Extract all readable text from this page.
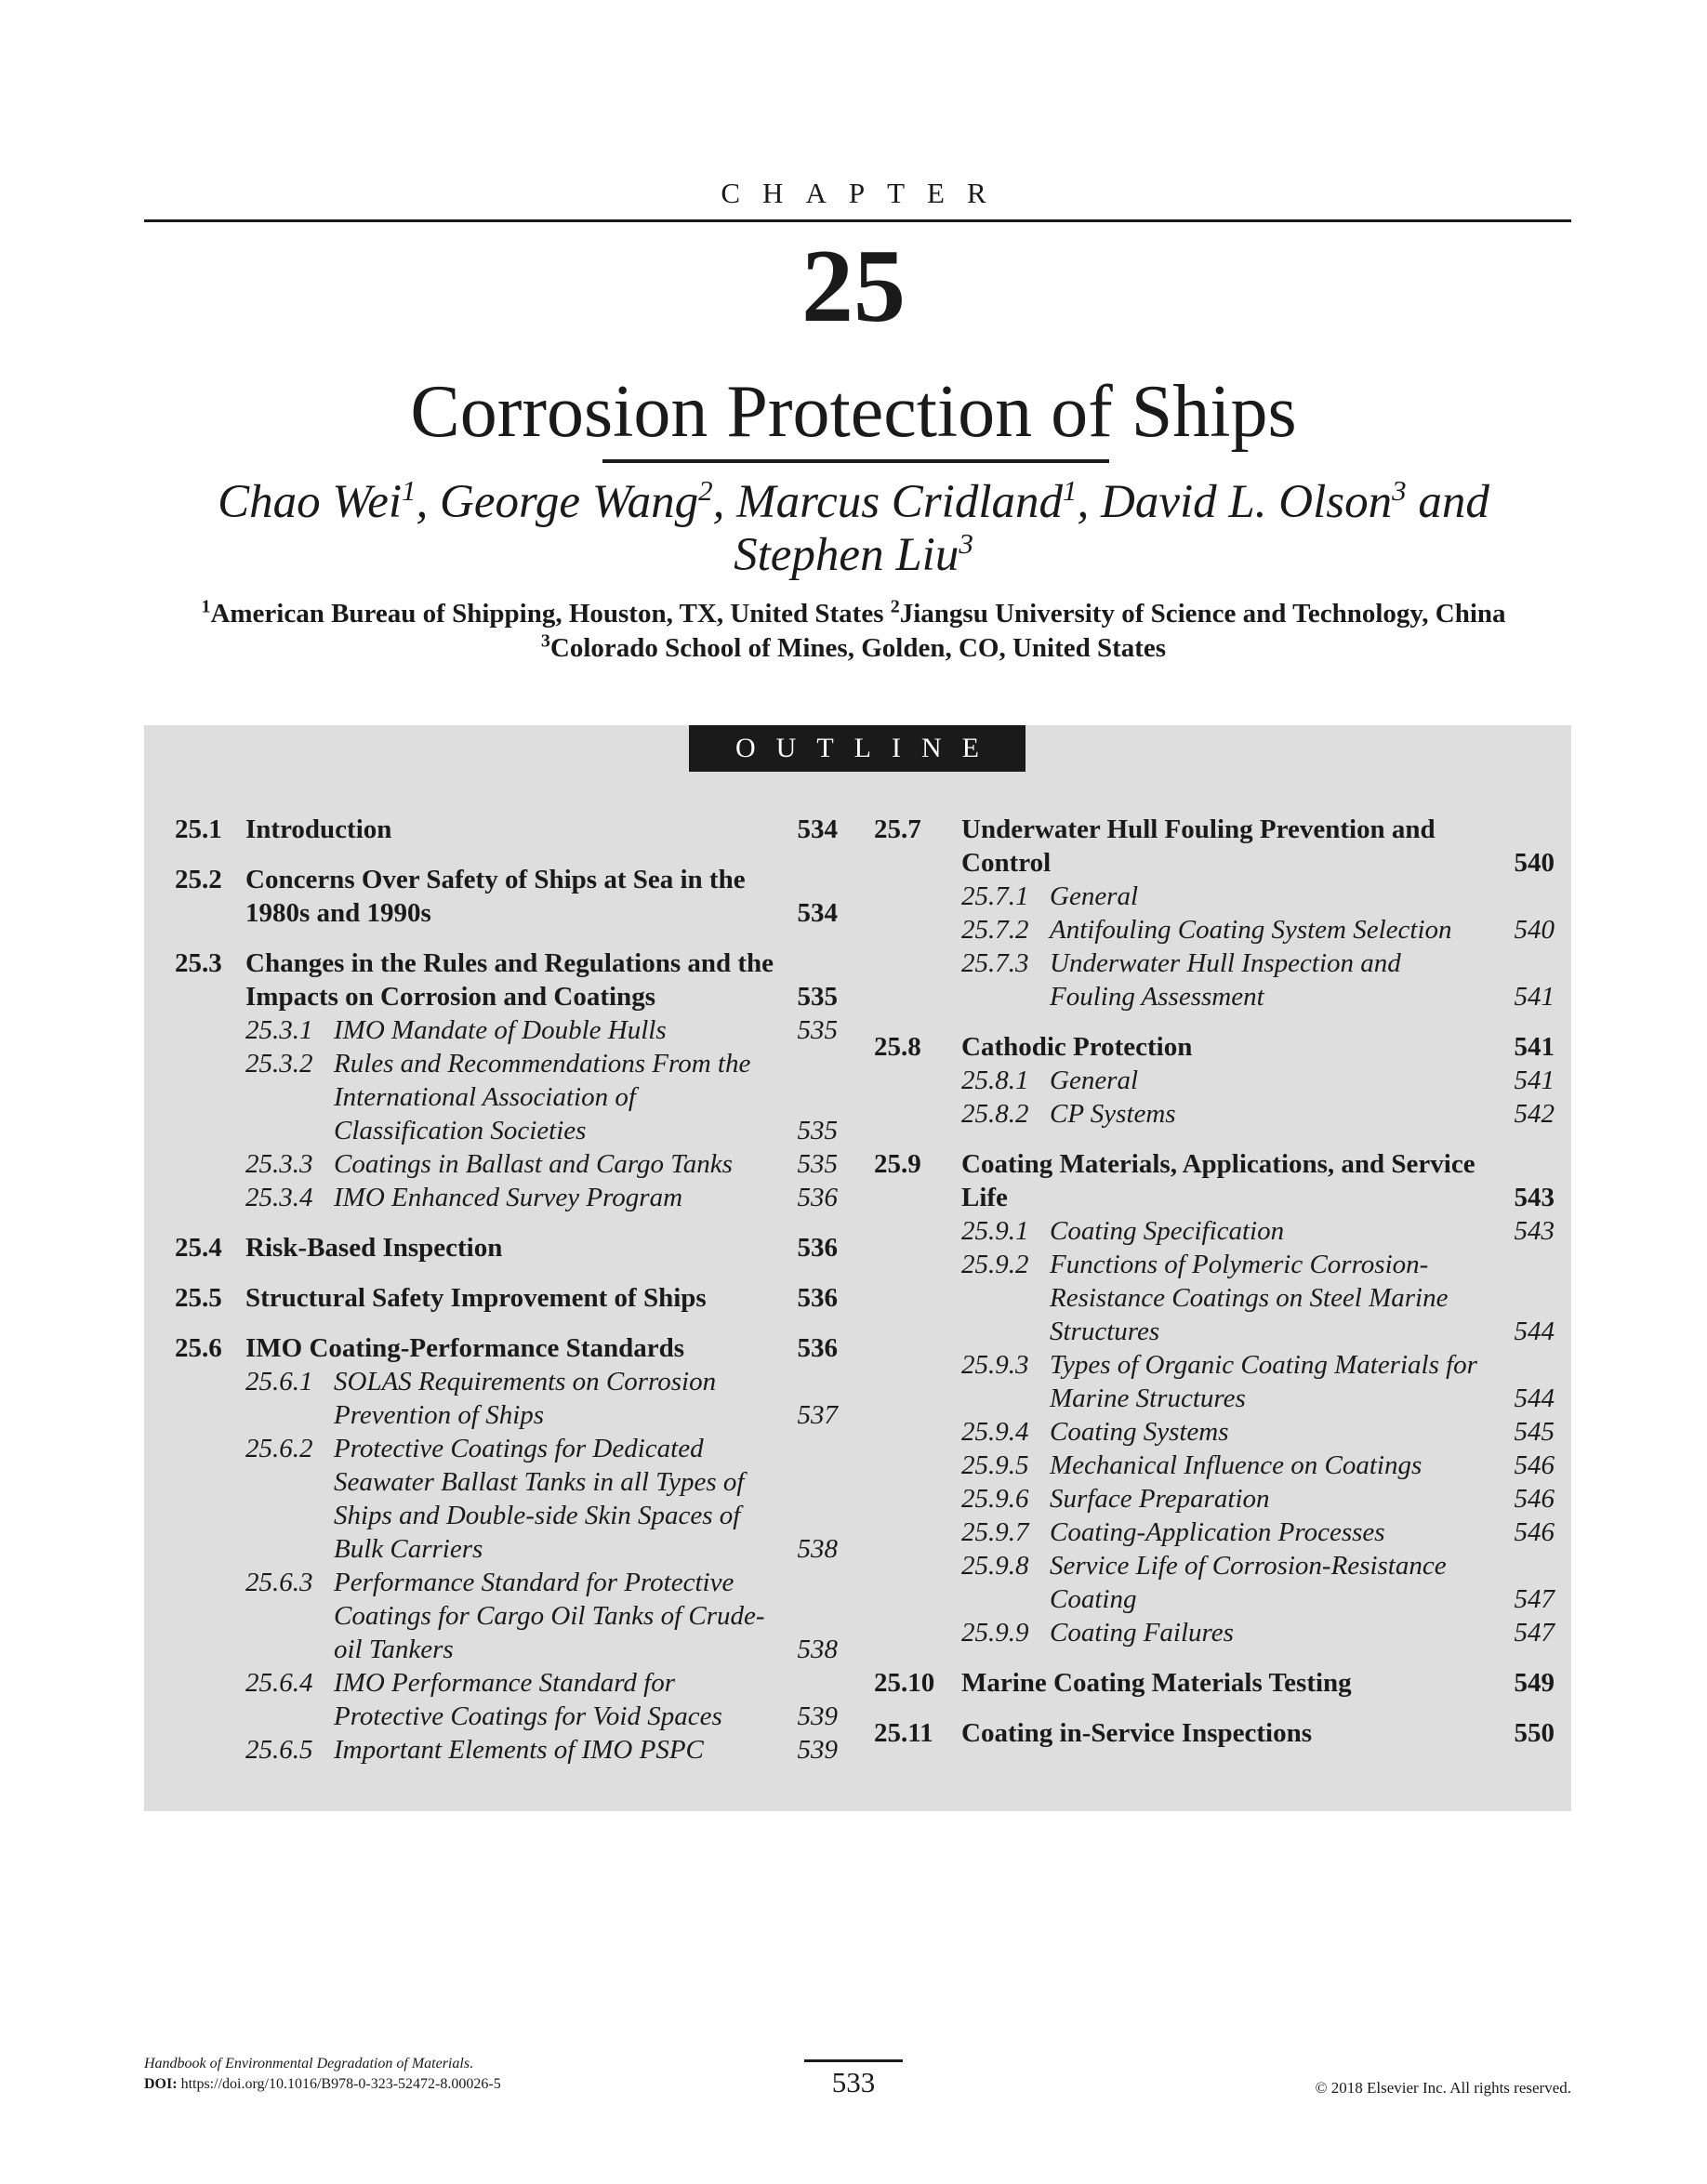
CHAPTER
25
Corrosion Protection of Ships
Chao Wei$^1$, George Wang$^2$, Marcus Cridland$^1$, David L. Olson$^3$ and
Stephen Liu$^3$
$^1$American Bureau of Shipping, Houston, TX, United States $^2$Jiangsu University of Science and Technology, China
$^3$Colorado School of Mines, Golden, CO, United States
OUTLINE
25.1 Introduction	534
25.2 Concerns Over Safety of Ships at Sea in the 1980s and 1990s	534
25.3 Changes in the Rules and Regulations and the Impacts on Corrosion and Coatings	535
25.3.1 IMO Mandate of Double Hulls	535
25.3.2 Rules and Recommendations From the International Association of Classification Societies	535
25.3.3 Coatings in Ballast and Cargo Tanks	535
25.3.4 IMO Enhanced Survey Program	536
25.4 Risk-Based Inspection	536
25.5 Structural Safety Improvement of Ships	536
25.6 IMO Coating-Performance Standards	536
25.6.1 SOLAS Requirements on Corrosion Prevention of Ships	537
25.6.2 Protective Coatings for Dedicated Seawater Ballast Tanks in all Types of Ships and Double-side Skin Spaces of Bulk Carriers	538
25.6.3 Performance Standard for Protective Coatings for Cargo Oil Tanks of Crude-oil Tankers	538
25.6.4 IMO Performance Standard for Protective Coatings for Void Spaces	539
25.6.5 Important Elements of IMO PSPC	539
25.7 Underwater Hull Fouling Prevention and Control	540
25.7.1 General
25.7.2 Antifouling Coating System Selection	540
25.7.3 Underwater Hull Inspection and Fouling Assessment	541
25.8 Cathodic Protection	541
25.8.1 General	541
25.8.2 CP Systems	542
25.9 Coating Materials, Applications, and Service Life	543
25.9.1 Coating Specification	543
25.9.2 Functions of Polymeric Corrosion-Resistance Coatings on Steel Marine Structures	544
25.9.3 Types of Organic Coating Materials for Marine Structures	544
25.9.4 Coating Systems	545
25.9.5 Mechanical Influence on Coatings	546
25.9.6 Surface Preparation	546
25.9.7 Coating-Application Processes	546
25.9.8 Service Life of Corrosion-Resistance Coating	547
25.9.9 Coating Failures	547
25.10 Marine Coating Materials Testing	549
25.11 Coating in-Service Inspections	550
Handbook of Environmental Degradation of Materials.
DOI: https://doi.org/10.1016/B978-0-323-52472-8.00026-5	533	© 2018 Elsevier Inc. All rights reserved.
